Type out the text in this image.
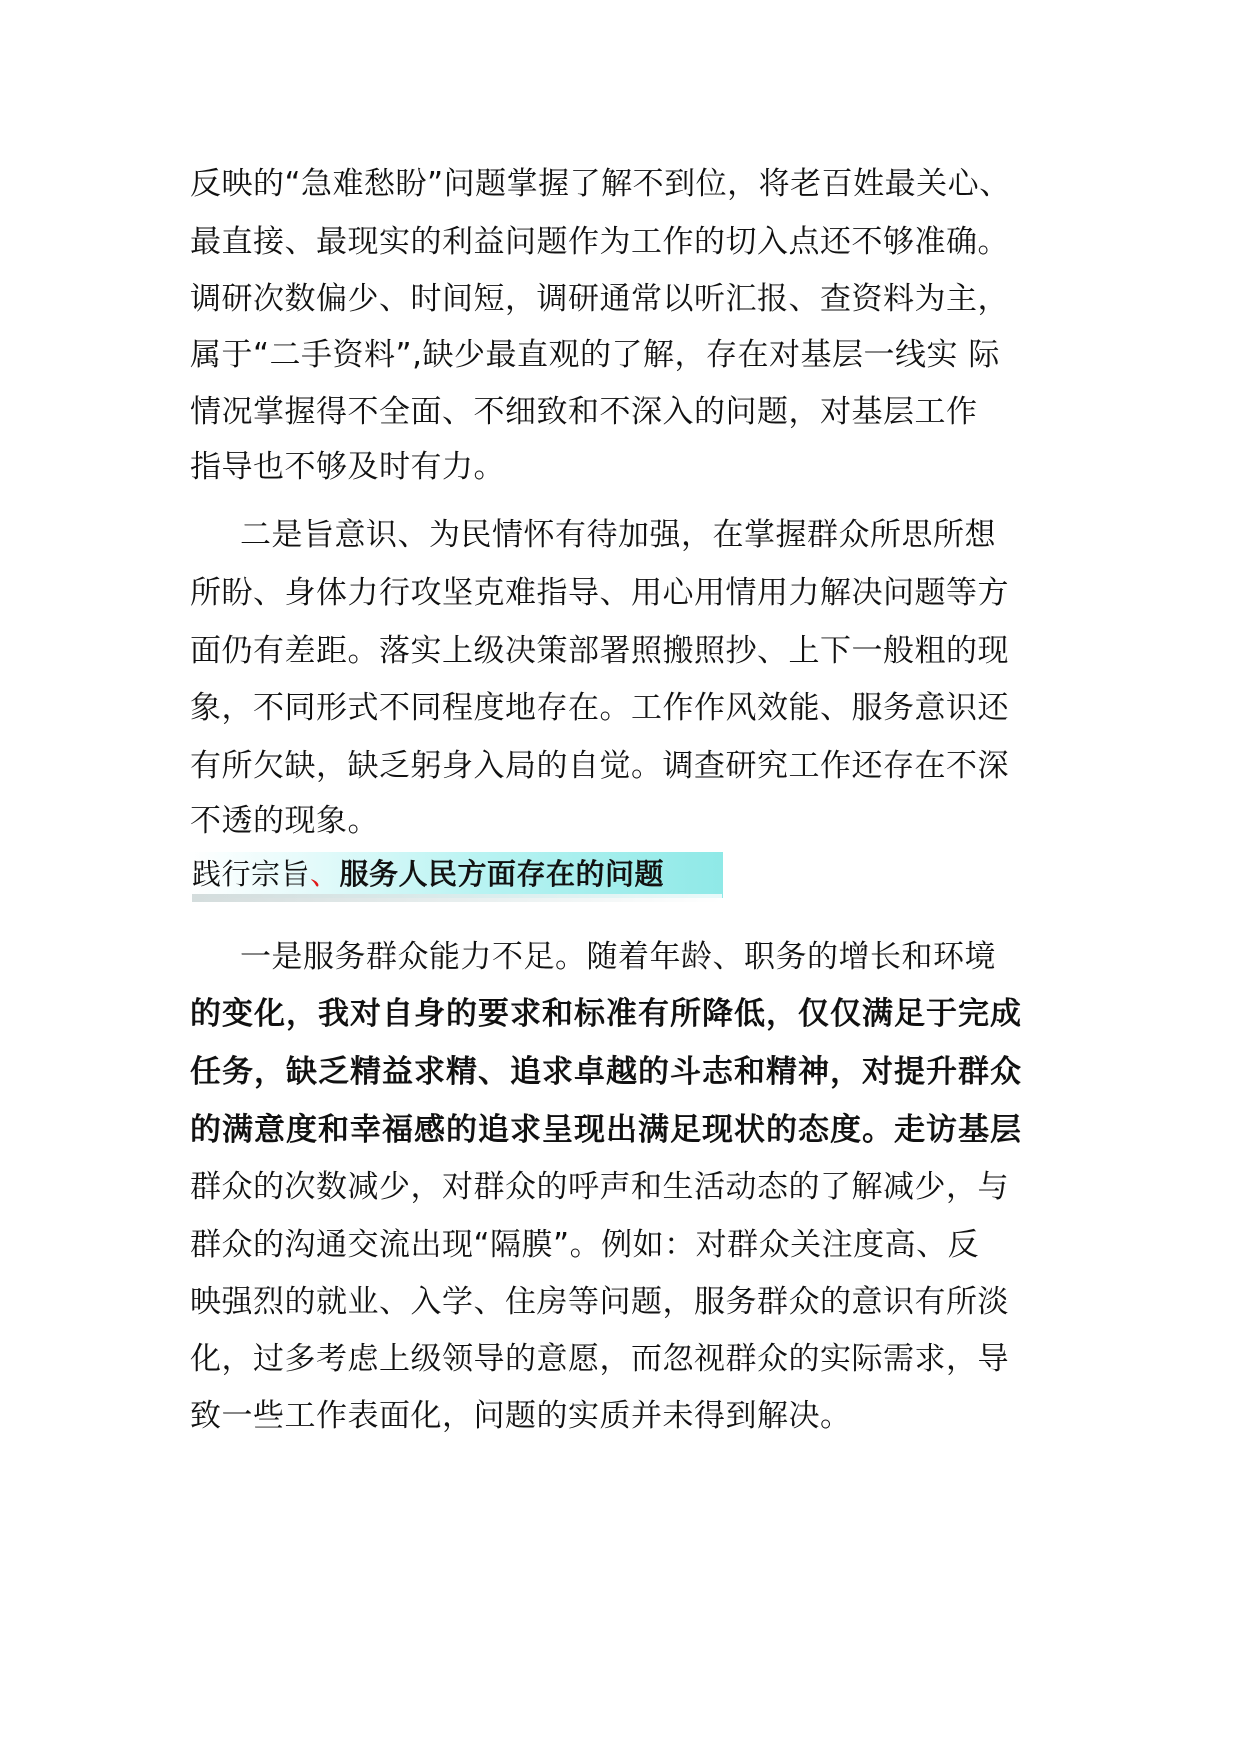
反映的“急难愁盼”问题掌握了解不到位，将老百姓最关心、
最直接、最现实的利益问题作为工作的切入点还不够准确。
调研次数偏少、时间短，调研通常以听汇报、查资料为主，
属于“二手资料”,缺少最直观的了解，存在对基层一线实 际
情况掌握得不全面、不细致和不深入的问题，对基层工作
指导也不够及时有力。
二是旨意识、为民情怀有待加强，在掌握群众所思所想
所盼、身体力行攻坚克难指导、用心用情用力解决问题等方
面仍有差距。落实上级决策部署照搬照抄、上下一般粗的现
象，不同形式不同程度地存在。工作作风效能、服务意识还
有所欠缺，缺乏躬身入局的自觉。调查研究工作还存在不深
不透的现象。
践行宗旨、服务人民方面存在的问题
一是服务群众能力不足。随着年龄、职务的增长和环境
的变化，我对自身的要求和标准有所降低，仅仅满足于完成
任务，缺乏精益求精、追求卓越的斗志和精神，对提升群众
的满意度和幸福感的追求呈现出满足现状的态度。走访基层
群众的次数减少，对群众的呼声和生活动态的了解减少，与
群众的沟通交流出现“隔膜”。例如：对群众关注度高、反
映强烈的就业、入学、住房等问题，服务群众的意识有所淡
化，过多考虑上级领导的意愿，而忽视群众的实际需求，导
致一些工作表面化，问题的实质并未得到解决。
